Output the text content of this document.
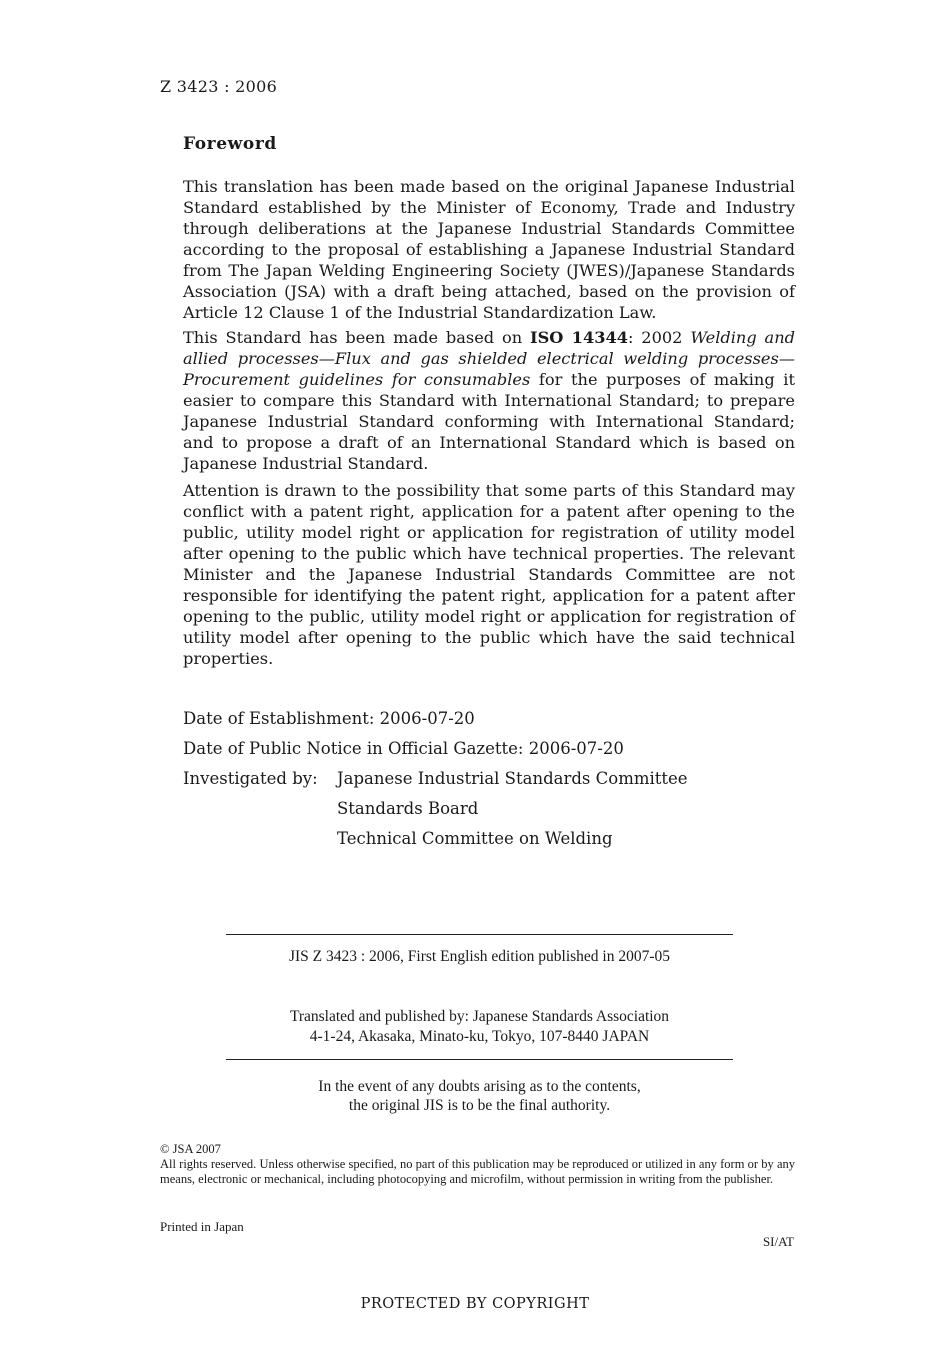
Z 3423 : 2006
Foreword

This translation has been made based on the original Japanese Industrial Standard established by the Minister of Economy, Trade and Industry through deliberations at the Japanese Industrial Standards Committee according to the proposal of establishing a Japanese Industrial Standard from The Japan Welding Engineering Society (JWES)/Japanese Standards Association (JSA) with a draft being attached, based on the provision of Article 12 Clause 1 of the Industrial Standardization Law.

This Standard has been made based on ISO 14344: 2002 Welding and allied processes—Flux and gas shielded electrical welding processes—Procurement guidelines for consumables for the purposes of making it easier to compare this Standard with International Standard; to prepare Japanese Industrial Standard conforming with International Standard; and to propose a draft of an International Standard which is based on Japanese Industrial Standard.

Attention is drawn to the possibility that some parts of this Standard may conflict with a patent right, application for a patent after opening to the public, utility model right or application for registration of utility model after opening to the public which have technical properties. The relevant Minister and the Japanese Industrial Standards Committee are not responsible for identifying the patent right, application for a patent after opening to the public, utility model right or application for registration of utility model after opening to the public which have the said technical properties.

Date of Establishment: 2006-07-20
Date of Public Notice in Official Gazette: 2006-07-20
Investigated by: Japanese Industrial Standards Committee
Standards Board
Technical Committee on Welding
JIS Z 3423 : 2006, First English edition published in 2007-05
Translated and published by: Japanese Standards Association
4-1-24, Akasaka, Minato-ku, Tokyo, 107-8440 JAPAN
In the event of any doubts arising as to the contents,
the original JIS is to be the final authority.
© JSA 2007
All rights reserved. Unless otherwise specified, no part of this publication may be reproduced or utilized in any form or by any means, electronic or mechanical, including photocopying and microfilm, without permission in writing from the publisher.
Printed in Japan
SI/AT
PROTECTED BY COPYRIGHT
